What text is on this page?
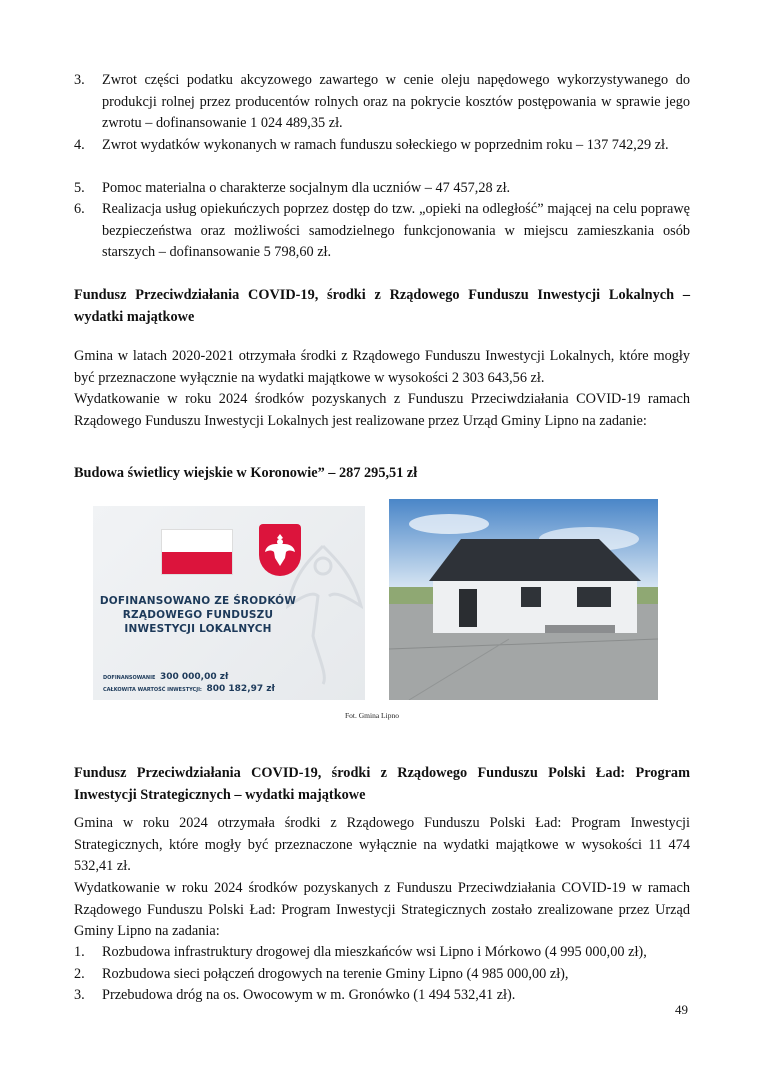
3. Zwrot części podatku akcyzowego zawartego w cenie oleju napędowego wykorzystywanego do produkcji rolnej przez producentów rolnych oraz na pokrycie kosztów postępowania w sprawie jego zwrotu – dofinansowanie 1 024 489,35 zł.
4. Zwrot wydatków wykonanych w ramach funduszu sołeckiego w poprzednim roku – 137 742,29 zł.
5. Pomoc materialna o charakterze socjalnym dla uczniów – 47 457,28 zł.
6. Realizacja usług opiekuńczych poprzez dostęp do tzw. „opieki na odległość” mającej na celu poprawę bezpieczeństwa oraz możliwości samodzielnego funkcjonowania w miejscu zamieszkania osób starszych – dofinansowanie 5 798,60 zł.
Fundusz Przeciwdziałania COVID-19, środki z Rządowego Funduszu Inwestycji Lokalnych – wydatki majątkowe
Gmina w latach 2020-2021 otrzymała środki z Rządowego Funduszu Inwestycji Lokalnych, które mogły być przeznaczone wyłącznie na wydatki majątkowe w wysokości 2 303 643,56 zł.
Wydatkowanie w roku 2024 środków pozyskanych z Funduszu Przeciwdziałania COVID-19 ramach Rządowego Funduszu Inwestycji Lokalnych jest realizowane przez Urząd Gminy Lipno na zadanie:
Budowa świetlicy wiejskie w Koronowie” – 287 295,51 zł
DOFINANSOWANO ZE ŚRODKÓW
RZĄDOWEGO FUNDUSZU
INWESTYCJI LOKALNYCH
DOFINANSOWANIE 300 000,00 zł
CAŁKOWITA WARTOŚĆ INWESTYCJI: 800 182,97 zł
Fot. Gmina Lipno
Fundusz Przeciwdziałania COVID-19, środki z Rządowego Funduszu Polski Ład: Program Inwestycji Strategicznych – wydatki majątkowe
Gmina w roku 2024 otrzymała środki z Rządowego Funduszu Polski Ład: Program Inwestycji Strategicznych, które mogły być przeznaczone wyłącznie na wydatki majątkowe w wysokości 11 474 532,41 zł.
Wydatkowanie w roku 2024 środków pozyskanych z Funduszu Przeciwdziałania COVID-19 w ramach Rządowego Funduszu Polski Ład: Program Inwestycji Strategicznych zostało zrealizowane przez Urząd Gminy Lipno na zadania:
1. Rozbudowa infrastruktury drogowej dla mieszkańców wsi Lipno i Mórkowo (4 995 000,00 zł),
2. Rozbudowa sieci połączeń drogowych na terenie Gminy Lipno (4 985 000,00 zł),
3. Przebudowa dróg na os. Owocowym w m. Gronówko (1 494 532,41 zł).
49
